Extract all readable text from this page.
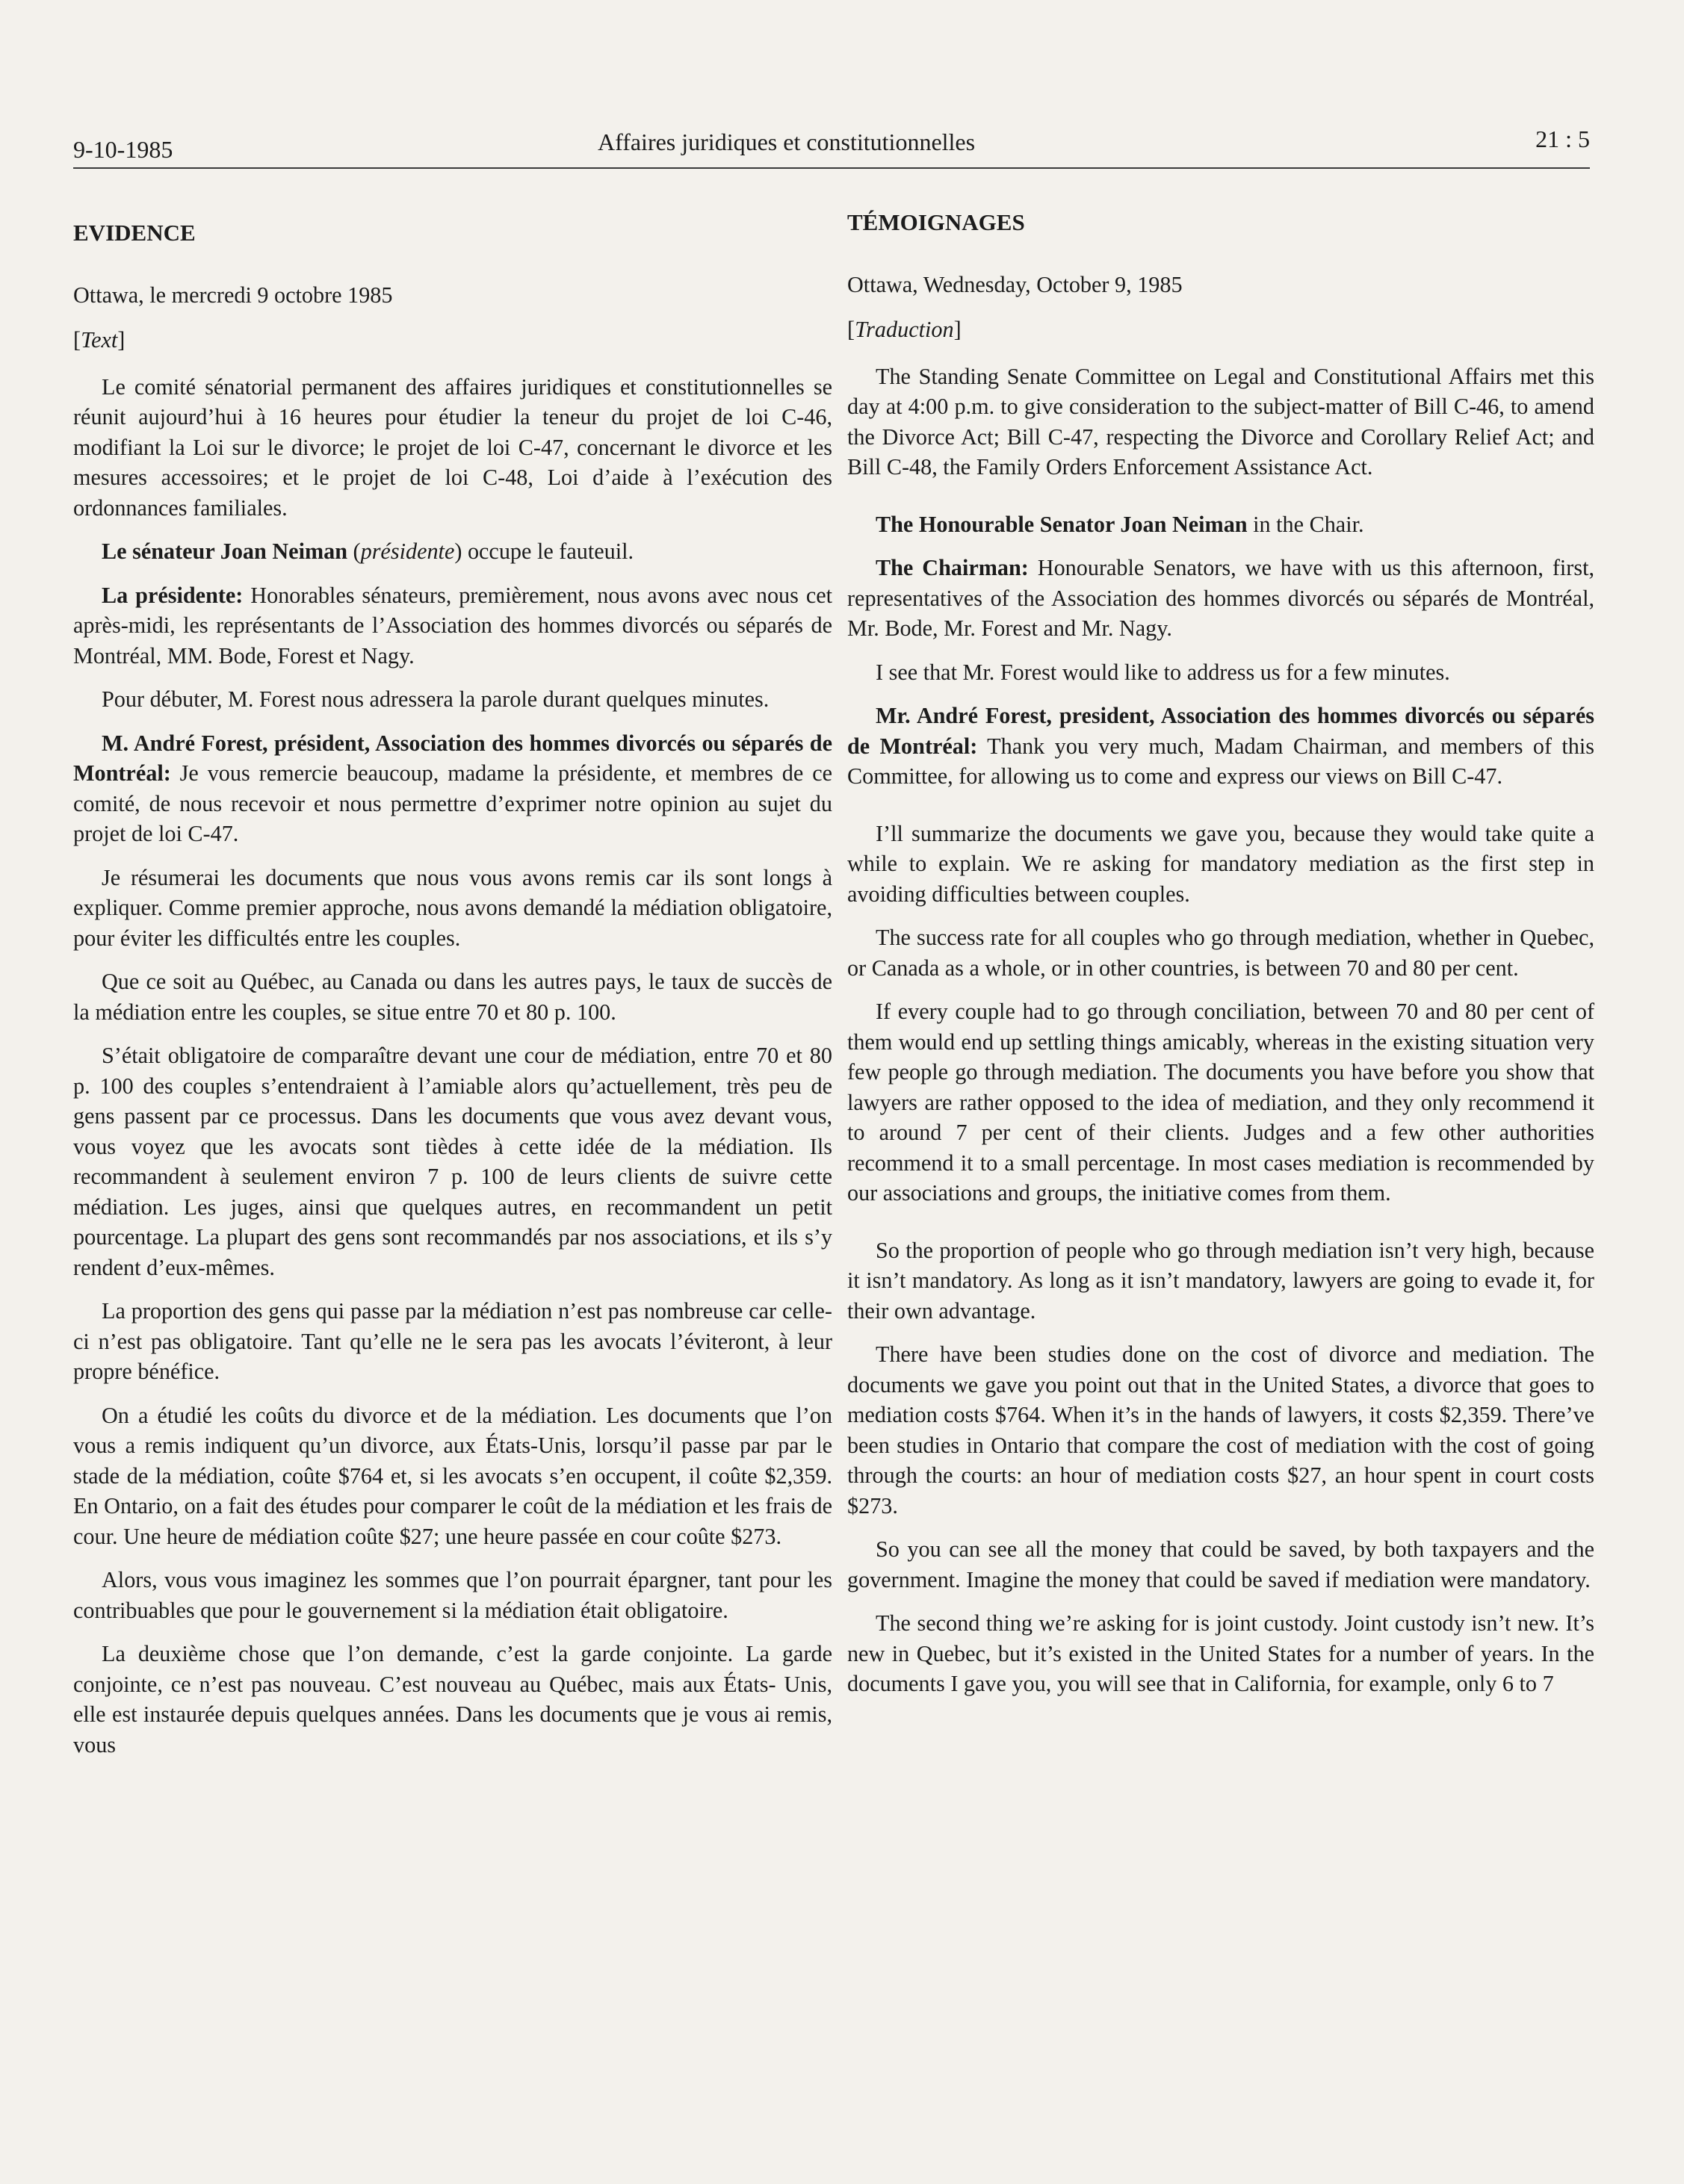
9-10-1985	Affaires juridiques et constitutionnelles	21 : 5

EVIDENCE

Ottawa, le mercredi 9 octobre 1985

[Text]

Le comité sénatorial permanent des affaires juridiques et constitutionnelles se réunit aujourd’hui à 16 heures pour étudier la teneur du projet de loi C-46, modifiant la Loi sur le divorce; le projet de loi C-47, concernant le divorce et les mesures accessoires; et le projet de loi C-48, Loi d’aide à l’exécution des ordonnances familiales.

Le sénateur Joan Neiman (présidente) occupe le fauteuil.

La présidente: Honorables sénateurs, premièrement, nous avons avec nous cet après-midi, les représentants de l’Association des hommes divorcés ou séparés de Montréal, MM. Bode, Forest et Nagy.

Pour débuter, M. Forest nous adressera la parole durant quelques minutes.

M. André Forest, président, Association des hommes divorcés ou séparés de Montréal: Je vous remercie beaucoup, madame la présidente, et membres de ce comité, de nous recevoir et nous permettre d’exprimer notre opinion au sujet du projet de loi C-47.

Je résumerai les documents que nous vous avons remis car ils sont longs à expliquer. Comme premier approche, nous avons demandé la médiation obligatoire, pour éviter les difficultés entre les couples.

Que ce soit au Québec, au Canada ou dans les autres pays, le taux de succès de la médiation entre les couples, se situe entre 70 et 80 p. 100.

S’était obligatoire de comparaître devant une cour de médiation, entre 70 et 80 p. 100 des couples s’entendraient à l’amiable alors qu’actuellement, très peu de gens passent par ce processus. Dans les documents que vous avez devant vous, vous voyez que les avocats sont tièdes à cette idée de la médiation. Ils recommandent à seulement environ 7 p. 100 de leurs clients de suivre cette médiation. Les juges, ainsi que quelques autres, en recommandent un petit pourcentage. La plupart des gens sont recommandés par nos associations, et ils s’y rendent d’eux-mêmes.

La proportion des gens qui passe par la médiation n’est pas nombreuse car celle-ci n’est pas obligatoire. Tant qu’elle ne le sera pas les avocats l’éviteront, à leur propre bénéfice.

On a étudié les coûts du divorce et de la médiation. Les documents que l’on vous a remis indiquent qu’un divorce, aux États-Unis, lorsqu’il passe par par le stade de la médiation, coûte $764 et, si les avocats s’en occupent, il coûte $2,359. En Ontario, on a fait des études pour comparer le coût de la médiation et les frais de cour. Une heure de médiation coûte $27; une heure passée en cour coûte $273.

Alors, vous vous imaginez les sommes que l’on pourrait épargner, tant pour les contribuables que pour le gouvernement si la médiation était obligatoire.

La deuxième chose que l’on demande, c’est la garde conjointe. La garde conjointe, ce n’est pas nouveau. C’est nouveau au Québec, mais aux États- Unis, elle est instaurée depuis quelques années. Dans les documents que je vous ai remis, vous

TÉMOIGNAGES

Ottawa, Wednesday, October 9, 1985

[Traduction]

The Standing Senate Committee on Legal and Constitutional Affairs met this day at 4:00 p.m. to give consideration to the subject-matter of Bill C-46, to amend the Divorce Act; Bill C-47, respecting the Divorce and Corollary Relief Act; and Bill C-48, the Family Orders Enforcement Assistance Act.

The Honourable Senator Joan Neiman in the Chair.

The Chairman: Honourable Senators, we have with us this afternoon, first, representatives of the Association des hommes divorcés ou séparés de Montréal, Mr. Bode, Mr. Forest and Mr. Nagy.

I see that Mr. Forest would like to address us for a few minutes.

Mr. André Forest, president, Association des hommes divorcés ou séparés de Montréal: Thank you very much, Madam Chairman, and members of this Committee, for allowing us to come and express our views on Bill C-47.

I’ll summarize the documents we gave you, because they would take quite a while to explain. We re asking for mandatory mediation as the first step in avoiding difficulties between couples.

The success rate for all couples who go through mediation, whether in Quebec, or Canada as a whole, or in other countries, is between 70 and 80 per cent.

If every couple had to go through conciliation, between 70 and 80 per cent of them would end up settling things amicably, whereas in the existing situation very few people go through mediation. The documents you have before you show that lawyers are rather opposed to the idea of mediation, and they only recommend it to around 7 per cent of their clients. Judges and a few other authorities recommend it to a small percentage. In most cases mediation is recommended by our associations and groups, the initiative comes from them.

So the proportion of people who go through mediation isn’t very high, because it isn’t mandatory. As long as it isn’t mandatory, lawyers are going to evade it, for their own advantage.

There have been studies done on the cost of divorce and mediation. The documents we gave you point out that in the United States, a divorce that goes to mediation costs $764. When it’s in the hands of lawyers, it costs $2,359. There’ve been studies in Ontario that compare the cost of mediation with the cost of going through the courts: an hour of mediation costs $27, an hour spent in court costs $273.

So you can see all the money that could be saved, by both taxpayers and the government. Imagine the money that could be saved if mediation were mandatory.

The second thing we’re asking for is joint custody. Joint custody isn’t new. It’s new in Quebec, but it’s existed in the United States for a number of years. In the documents I gave you, you will see that in California, for example, only 6 to 7
